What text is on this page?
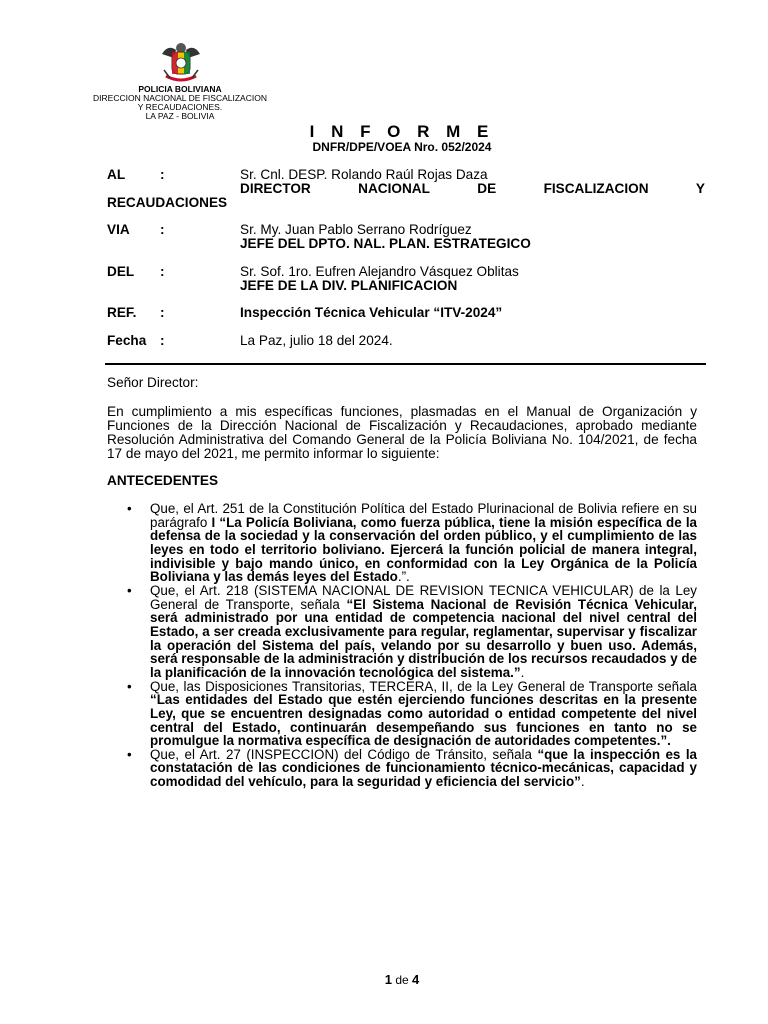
POLICIA BOLIVIANA
DIRECCION NACIONAL DE FISCALIZACION
Y RECAUDACIONES.
LA PAZ - BOLIVIA
I N F O R M E
DNFR/DPE/VOEA Nro. 052/2024
AL	:	Sr. Cnl. DESP. Rolando Raúl Rojas Daza
DIRECTOR	NACIONAL	DE	FISCALIZACION	Y
RECAUDACIONES
VIA	:	Sr. My. Juan Pablo Serrano Rodríguez
JEFE DEL DPTO. NAL. PLAN. ESTRATEGICO
DEL	:	Sr. Sof. 1ro. Eufren Alejandro Vásquez Oblitas
JEFE DE LA DIV. PLANIFICACION
REF.	:	Inspección Técnica Vehicular “ITV-2024”
Fecha	:	La Paz, julio 18 del 2024.
Señor Director:
En cumplimiento a mis específicas funciones, plasmadas en el Manual de Organización y Funciones de la Dirección Nacional de Fiscalización y Recaudaciones, aprobado mediante Resolución Administrativa del Comando General de la Policía Boliviana No. 104/2021, de fecha 17 de mayo del 2021, me permito informar lo siguiente:
ANTECEDENTES
• Que, el Art. 251 de la Constitución Política del Estado Plurinacional de Bolivia refiere en su parágrafo I “La Policía Boliviana, como fuerza pública, tiene la misión específica de la defensa de la sociedad y la conservación del orden público, y el cumplimiento de las leyes en todo el territorio boliviano. Ejercerá la función policial de manera integral, indivisible y bajo mando único, en conformidad con la Ley Orgánica de la Policía Boliviana y las demás leyes del Estado.”.
• Que, el Art. 218 (SISTEMA NACIONAL DE REVISION TECNICA VEHICULAR) de la Ley General de Transporte, señala “El Sistema Nacional de Revisión Técnica Vehicular, será administrado por una entidad de competencia nacional del nivel central del Estado, a ser creada exclusivamente para regular, reglamentar, supervisar y fiscalizar la operación del Sistema del país, velando por su desarrollo y buen uso. Además, será responsable de la administración y distribución de los recursos recaudados y de la planificación de la innovación tecnológica del sistema.”.
• Que, las Disposiciones Transitorias, TERCERA, II, de la Ley General de Transporte señala “Las entidades del Estado que estén ejerciendo funciones descritas en la presente Ley, que se encuentren designadas como autoridad o entidad competente del nivel central del Estado, continuarán desempeñando sus funciones en tanto no se promulgue la normativa específica de designación de autoridades competentes.”.
• Que, el Art. 27 (INSPECCION) del Código de Tránsito, señala “que la inspección es la constatación de las condiciones de funcionamiento técnico-mecánicas, capacidad y comodidad del vehículo, para la seguridad y eficiencia del servicio”.
1 de 4
